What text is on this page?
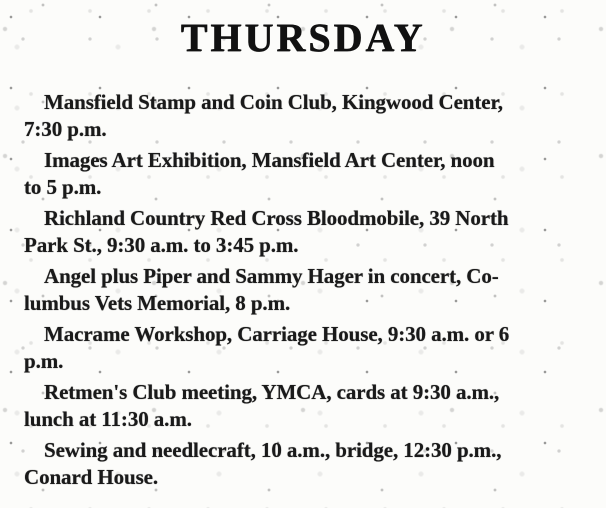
THURSDAY
Mansfield Stamp and Coin Club, Kingwood Center,
7:30 p.m.
Images Art Exhibition, Mansfield Art Center, noon
to 5 p.m.
Richland Country Red Cross Bloodmobile, 39 North
Park St., 9:30 a.m. to 3:45 p.m.
Angel plus Piper and Sammy Hager in concert, Co-
lumbus Vets Memorial, 8 p.m.
Macrame Workshop, Carriage House, 9:30 a.m. or 6
p.m.
Retmen's Club meeting, YMCA, cards at 9:30 a.m.,
lunch at 11:30 a.m.
Sewing and needlecraft, 10 a.m., bridge, 12:30 p.m.,
Conard House.
